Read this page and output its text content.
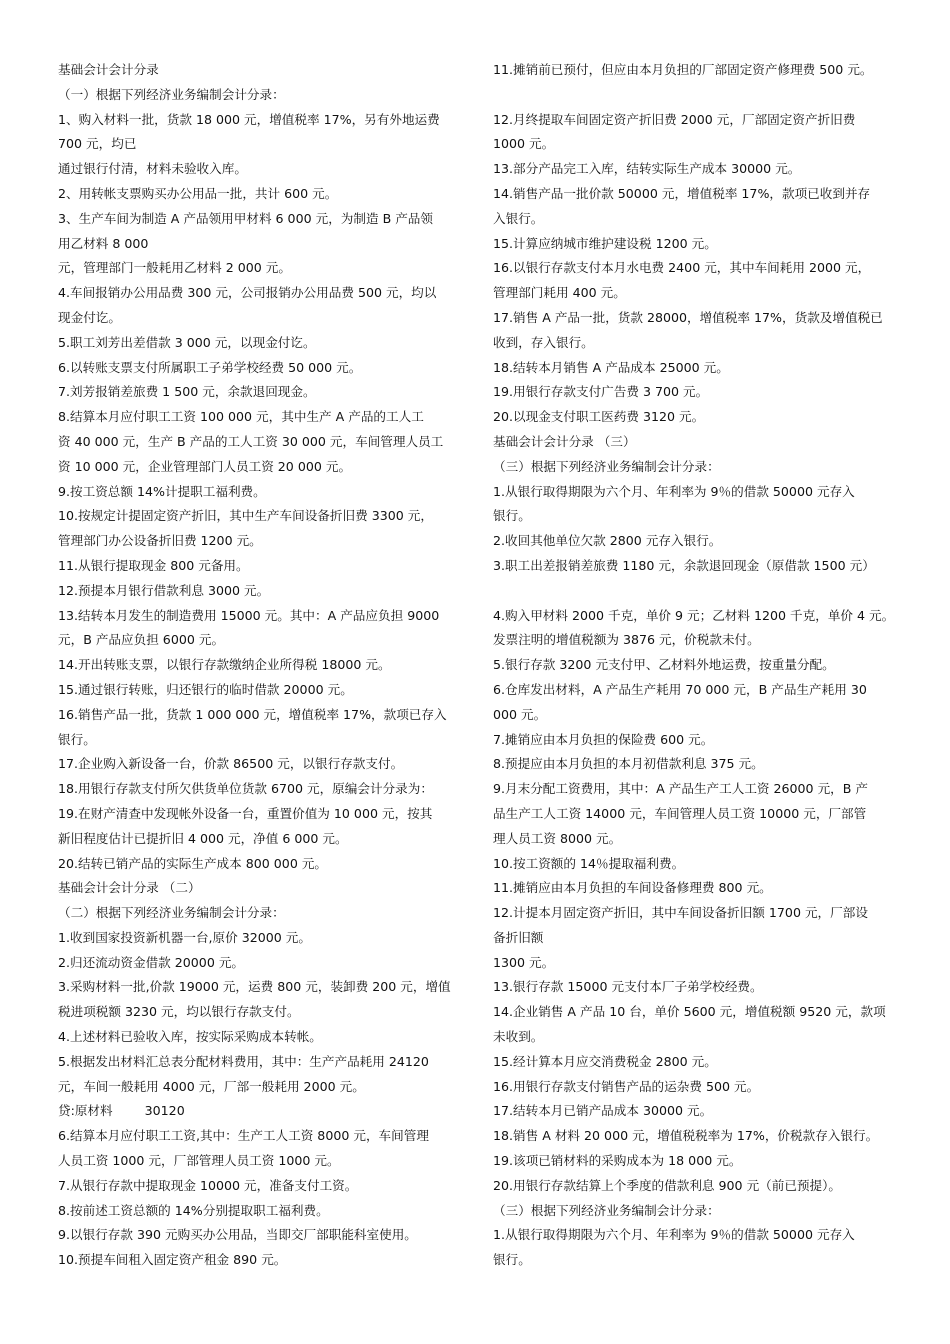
基础会计会计分录
（一）根据下列经济业务编制会计分录：
1、购入材料一批，货款 18 000 元，增值税率 17%，另有外地运费
700 元，均已
通过银行付清，材料未验收入库。
2、用转帐支票购买办公用品一批，共计 600 元。
3、生产车间为制造 A 产品领用甲材料 6 000 元，为制造 B 产品领
用乙材料 8 000
元，管理部门一般耗用乙材料 2 000 元。
4.车间报销办公用品费 300 元，公司报销办公用品费 500 元，均以
现金付讫。
5.职工刘芳出差借款 3 000 元，以现金付讫。
6.以转账支票支付所属职工子弟学校经费 50 000 元。
7.刘芳报销差旅费 1 500 元，余款退回现金。
8.结算本月应付职工工资 100 000 元，其中生产 A 产品的工人工
资 40 000 元，生产 B 产品的工人工资 30 000 元，车间管理人员工
资 10 000 元，企业管理部门人员工资 20 000 元。
9.按工资总额 14%计提职工福利费。
10.按规定计提固定资产折旧，其中生产车间设备折旧费 3300 元，
管理部门办公设备折旧费 1200 元。
11.从银行提取现金 800 元备用。
12.预提本月银行借款利息 3000 元。
13.结转本月发生的制造费用 15000 元。其中：A 产品应负担 9000
元，B 产品应负担 6000 元。
14.开出转账支票，以银行存款缴纳企业所得税 18000 元。
15.通过银行转账，归还银行的临时借款 20000 元。
16.销售产品一批，货款 1 000 000 元，增值税率 17%，款项已存入
银行。
17.企业购入新设备一台，价款 86500 元，以银行存款支付。
18.用银行存款支付所欠供货单位货款 6700 元，原编会计分录为：
19.在财产清查中发现帐外设备一台，重置价值为 10 000 元，按其
新旧程度估计已提折旧 4 000 元，净值 6 000 元。
20.结转已销产品的实际生产成本 800 000 元。
基础会计会计分录 （二）
（二）根据下列经济业务编制会计分录：
1.收到国家投资新机器一台,原价 32000 元。
2.归还流动资金借款 20000 元。
3.采购材料一批,价款 19000 元，运费 800 元，装卸费 200 元，增值
税进项税额 3230 元，均以银行存款支付。
4.上述材料已验收入库，按实际采购成本转帐。
5.根据发出材料汇总表分配材料费用，其中：生产产品耗用 24120
元，车间一般耗用 4000 元，厂部一般耗用 2000 元。
贷:原材料        30120
6.结算本月应付职工工资,其中：生产工人工资 8000 元，车间管理
人员工资 1000 元，厂部管理人员工资 1000 元。
7.从银行存款中提取现金 10000 元，准备支付工资。
8.按前述工资总额的 14%分别提取职工福利费。
9.以银行存款 390 元购买办公用品，当即交厂部职能科室使用。
10.预提车间租入固定资产租金 890 元。
11.摊销前已预付，但应由本月负担的厂部固定资产修理费 500 元。
12.月终提取车间固定资产折旧费 2000 元，厂部固定资产折旧费
1000 元。
13.部分产品完工入库，结转实际生产成本 30000 元。
14.销售产品一批价款 50000 元，增值税率 17%，款项已收到并存
入银行。
15.计算应纳城市维护建设税 1200 元。
16.以银行存款支付本月水电费 2400 元，其中车间耗用 2000 元，
管理部门耗用 400 元。
17.销售 A 产品一批，货款 28000，增值税率 17%，货款及增值税已
收到，存入银行。
18.结转本月销售 A 产品成本 25000 元。
19.用银行存款支付广告费 3 700 元。
20.以现金支付职工医药费 3120 元。
基础会计会计分录 （三）
（三）根据下列经济业务编制会计分录：
1.从银行取得期限为六个月、年利率为 9％的借款 50000 元存入
银行。
2.收回其他单位欠款 2800 元存入银行。
3.职工出差报销差旅费 1180 元，余款退回现金（原借款 1500 元）
4.购入甲材料 2000 千克，单价 9 元；乙材料 1200 千克，单价 4 元。
发票注明的增值税额为 3876 元，价税款未付。
5.银行存款 3200 元支付甲、乙材料外地运费，按重量分配。
6.仓库发出材料，A 产品生产耗用 70 000 元，B 产品生产耗用 30
000 元。
7.摊销应由本月负担的保险费 600 元。
8.预提应由本月负担的本月初借款利息 375 元。
9.月末分配工资费用，其中：A 产品生产工人工资 26000 元，B 产
品生产工人工资 14000 元，车间管理人员工资 10000 元，厂部管
理人员工资 8000 元。
10.按工资额的 14％提取福利费。
11.摊销应由本月负担的车间设备修理费 800 元。
12.计提本月固定资产折旧，其中车间设备折旧额 1700 元，厂部设
备折旧额
1300 元。
13.银行存款 15000 元支付本厂子弟学校经费。
14.企业销售 A 产品 10 台，单价 5600 元，增值税额 9520 元，款项
未收到。
15.经计算本月应交消费税金 2800 元。
16.用银行存款支付销售产品的运杂费 500 元。
17.结转本月已销产品成本 30000 元。
18.销售 A 材料 20 000 元，增值税税率为 17%，价税款存入银行。
19.该项已销材料的采购成本为 18 000 元。
20.用银行存款结算上个季度的借款利息 900 元（前已预提）。
（三）根据下列经济业务编制会计分录：
1.从银行取得期限为六个月、年利率为 9％的借款 50000 元存入
银行。
